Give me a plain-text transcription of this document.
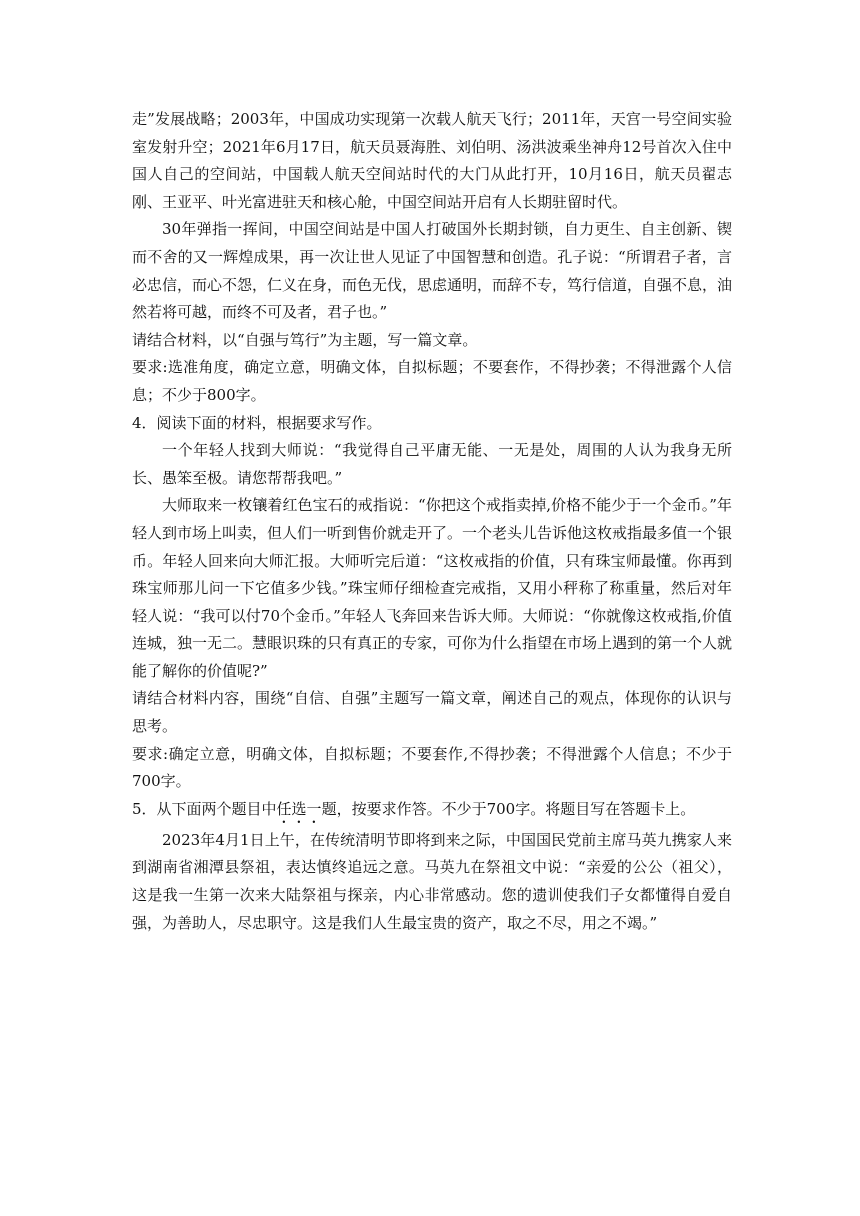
走”发展战略；2003年，中国成功实现第一次载人航天飞行；2011年，天宫一号空间实验室发射升空；2021年6月17日，航天员聂海胜、刘伯明、汤洪波乘坐神舟12号首次入住中国人自己的空间站，中国载人航天空间站时代的大门从此打开，10月16日，航天员翟志刚、王亚平、叶光富进驻天和核心舱，中国空间站开启有人长期驻留时代。

30年弹指一挥间，中国空间站是中国人打破国外长期封锁，自力更生、自主创新、锲而不舍的又一辉煌成果，再一次让世人见证了中国智慧和创造。孔子说：“所谓君子者，言必忠信，而心不怨，仁义在身，而色无伐，思虑通明，而辞不专，笃行信道，自强不息，油然若将可越，而终不可及者，君子也。”

请结合材料，以“自强与笃行”为主题，写一篇文章。

要求:选准角度，确定立意，明确文体，自拟标题；不要套作，不得抄袭；不得泄露个人信息；不少于800字。

4．阅读下面的材料，根据要求写作。

一个年轻人找到大师说：“我觉得自己平庸无能、一无是处，周围的人认为我身无所长、愚笨至极。请您帮帮我吧。”

大师取来一枚镶着红色宝石的戒指说：“你把这个戒指卖掉,价格不能少于一个金币。”年轻人到市场上叫卖，但人们一听到售价就走开了。一个老头儿告诉他这枚戒指最多值一个银币。年轻人回来向大师汇报。大师听完后道：“这枚戒指的价值，只有珠宝师最懂。你再到珠宝师那儿问一下它值多少钱。”珠宝师仔细检查完戒指，又用小秤称了称重量，然后对年轻人说：“我可以付70个金币。”年轻人飞奔回来告诉大师。大师说：“你就像这枚戒指,价值连城，独一无二。慧眼识珠的只有真正的专家，可你为什么指望在市场上遇到的第一个人就能了解你的价值呢?”

请结合材料内容，围绕“自信、自强”主题写一篇文章，阐述自己的观点，体现你的认识与思考。

要求:确定立意，明确文体，自拟标题；不要套作,不得抄袭；不得泄露个人信息；不少于700字。

5．从下面两个题目中任选一题，按要求作答。不少于700字。将题目写在答题卡上。

2023年4月1日上午，在传统清明节即将到来之际，中国国民党前主席马英九携家人来到湖南省湘潭县祭祖，表达慎终追远之意。马英九在祭祖文中说：“亲爱的公公（祖父），这是我一生第一次来大陆祭祖与探亲，内心非常感动。您的遗训使我们子女都懂得自爱自强，为善助人，尽忠职守。这是我们人生最宝贵的资产，取之不尽，用之不竭。”
